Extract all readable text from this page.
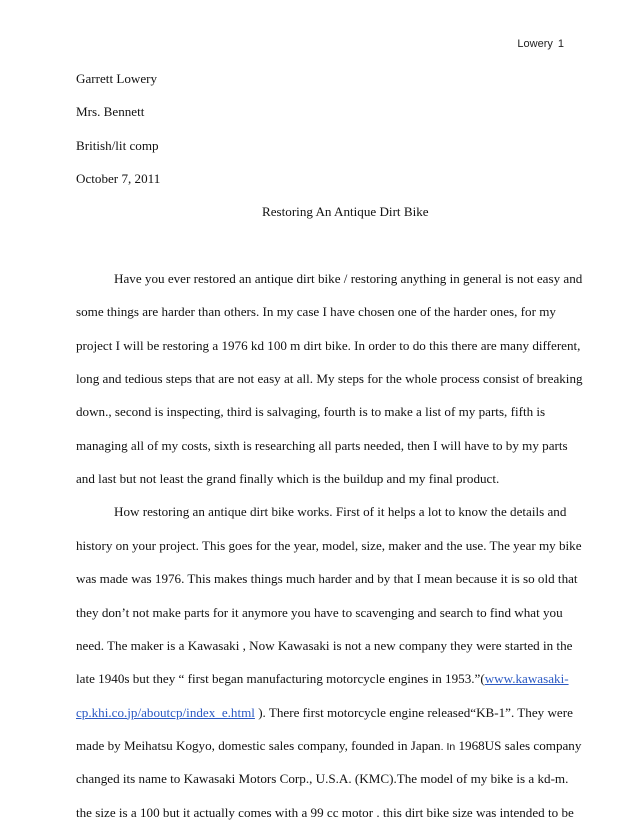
Lowery 1
Garrett Lowery
Mrs. Bennett
British/lit comp
October 7, 2011
Restoring An Antique Dirt Bike
Have you ever restored an antique dirt bike / restoring anything in general is not easy and
some things are harder than others. In my case I have chosen one of the harder ones, for my
project I will be restoring a 1976 kd 100 m dirt bike. In order to do this there are many different,
long and tedious steps that are not easy at all. My steps for the whole process consist of breaking
down., second is inspecting, third is salvaging, fourth is to make a list of my parts, fifth is
managing all of my costs, sixth is researching all parts needed, then I will have to by my parts
and last but not least the grand finally which is the buildup and my final product.
How restoring an antique dirt bike works. First of it helps a lot to know the details and
history on your project. This goes for the year, model, size, maker and the use. The year my bike
was made was 1976. This makes things much harder and by that I mean because it is so old that
they don’t not make parts for it anymore you have to scavenging and search to find what you
need. The maker is a Kawasaki , Now Kawasaki is not a new company they were started in the
late 1940s but they “ first began manufacturing motorcycle engines in 1953.”(www.kawasaki-
cp.khi.co.jp/aboutcp/index_e.html ). There first motorcycle engine released“KB-1”. They were
made by Meihatsu Kogyo, domestic sales company, founded in Japan. In 1968US sales company
changed its name to Kawasaki Motors Corp., U.S.A. (KMC).The model of my bike is a kd-m.
the size is a 100 but it actually comes with a 99 cc motor . this dirt bike size was intended to be
